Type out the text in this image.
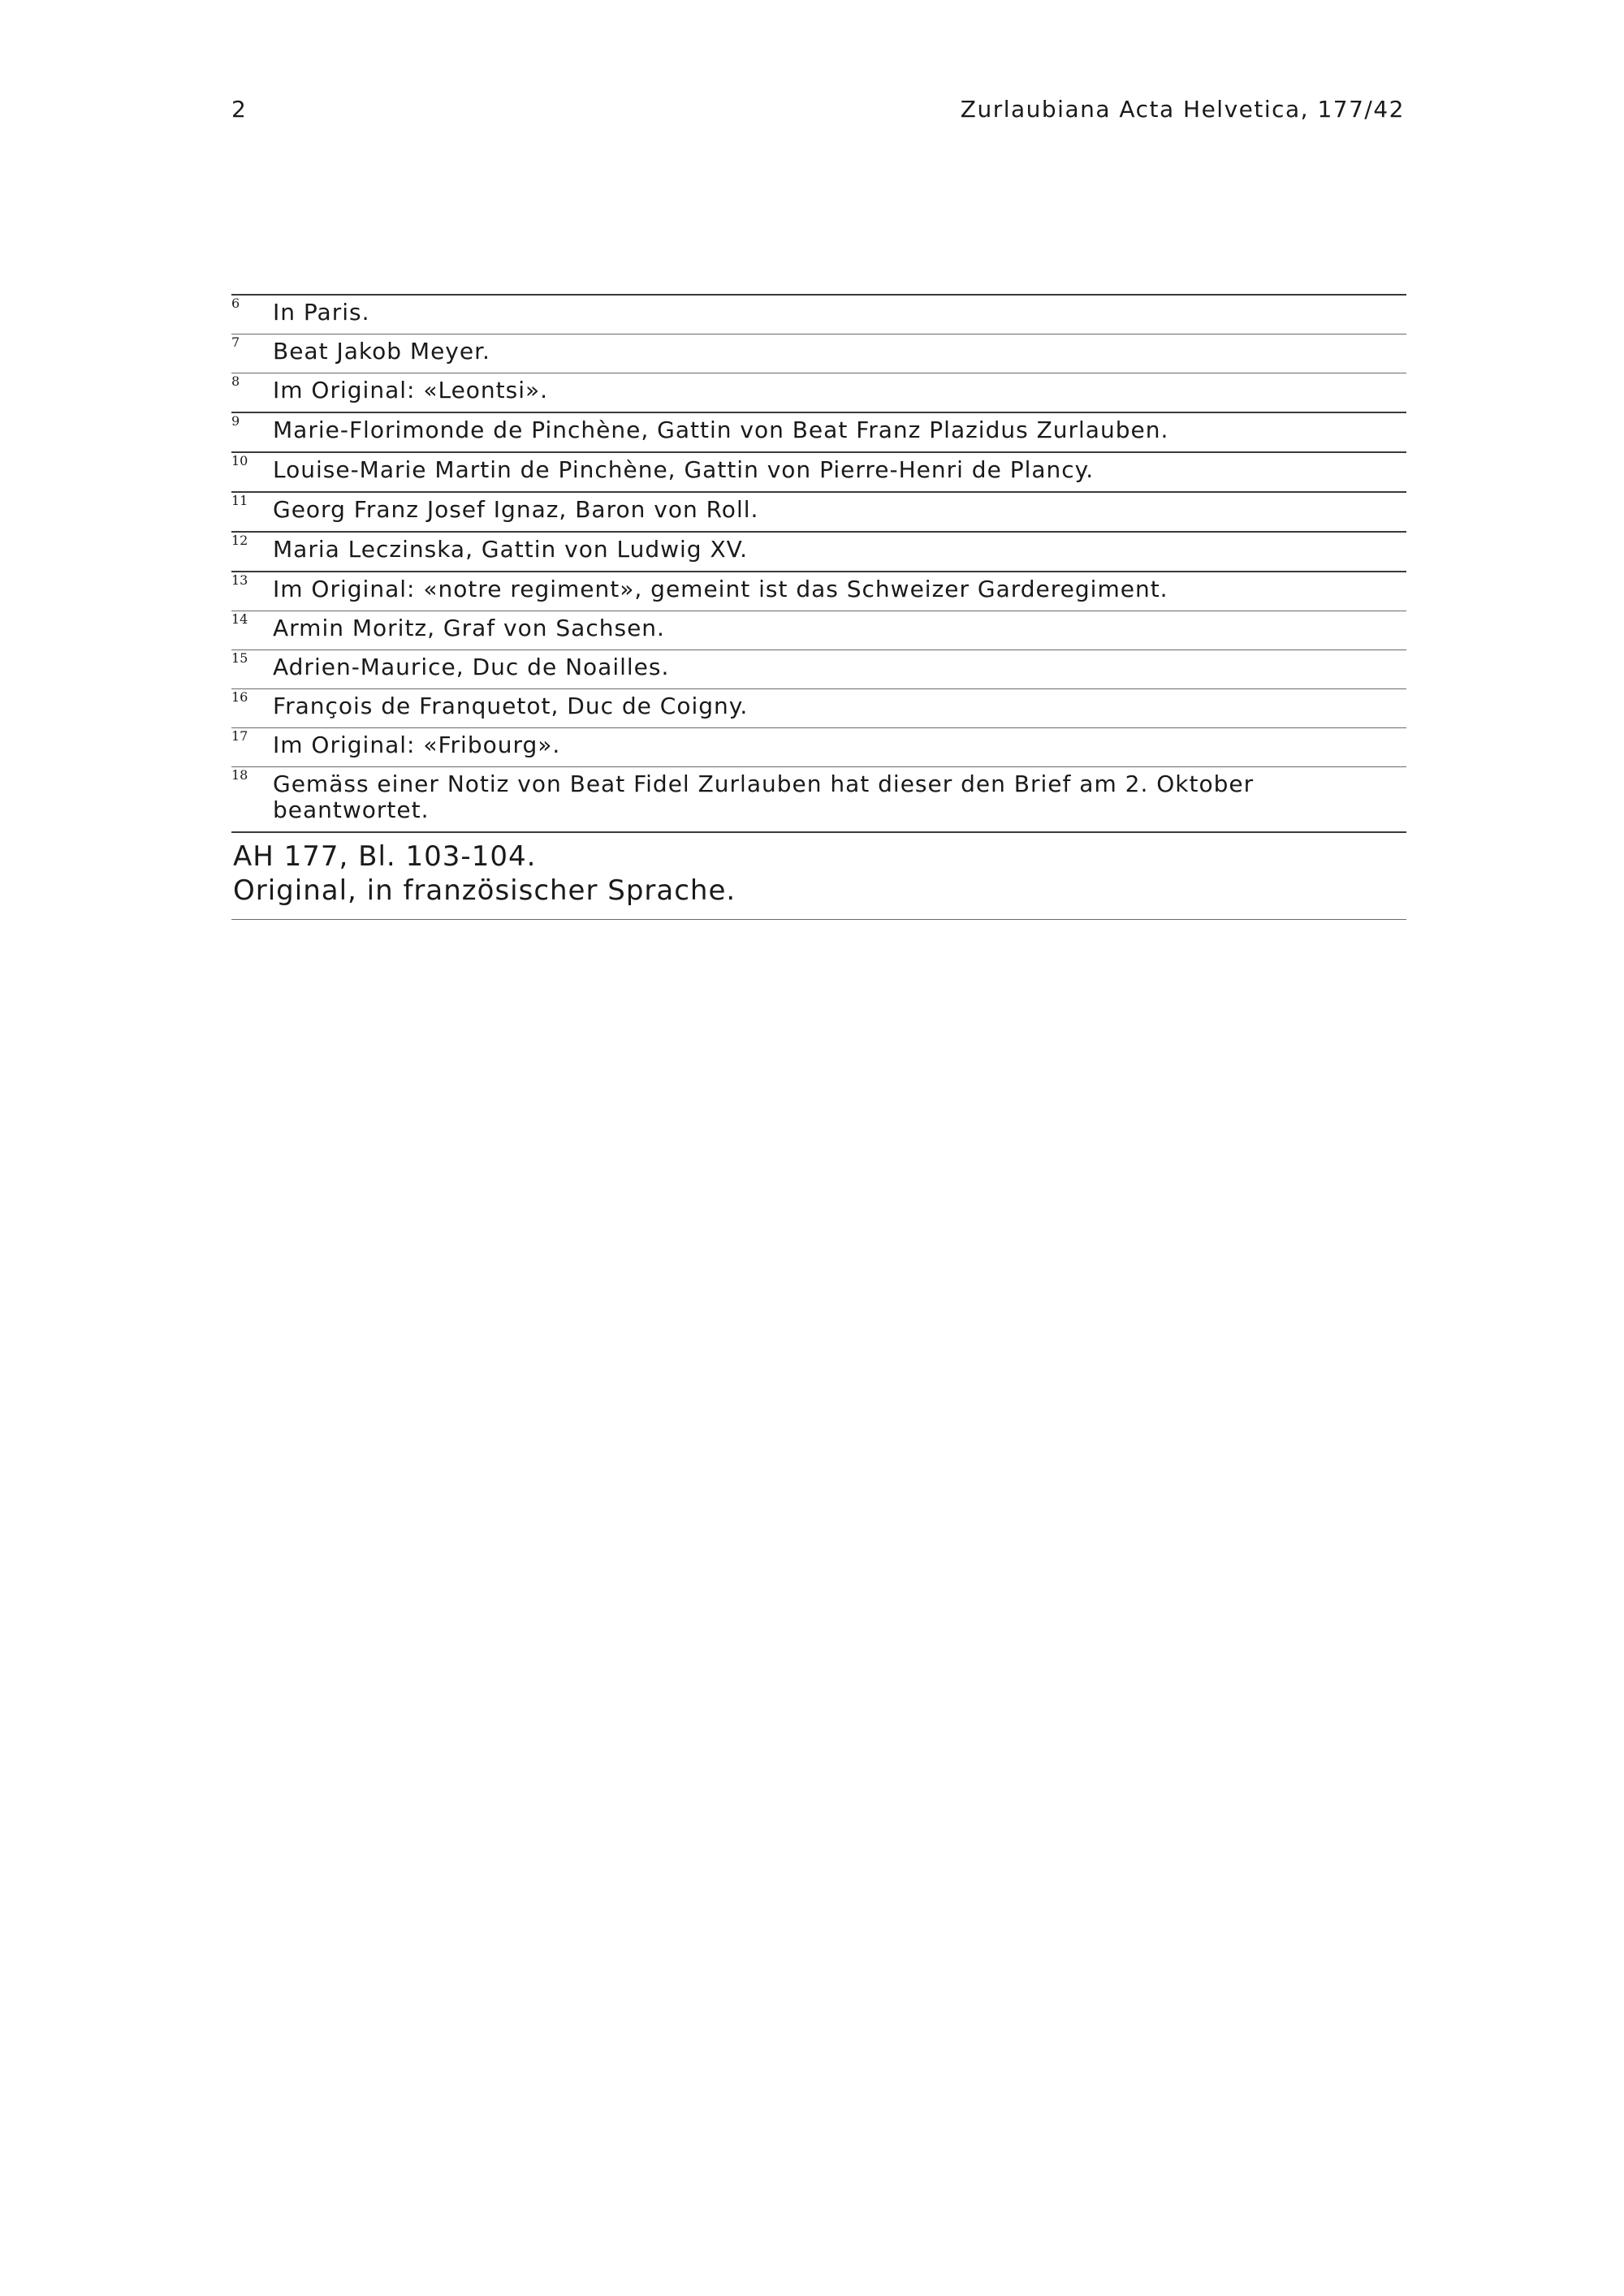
2	Zurlaubiana Acta Helvetica, 177/42
6 In Paris.
7 Beat Jakob Meyer.
8 Im Original: «Leontsi».
9 Marie-Florimonde de Pinchène, Gattin von Beat Franz Plazidus Zurlauben.
10 Louise-Marie Martin de Pinchène, Gattin von Pierre-Henri de Plancy.
11 Georg Franz Josef Ignaz, Baron von Roll.
12 Maria Leczinska, Gattin von Ludwig XV.
13 Im Original: «notre regiment», gemeint ist das Schweizer Garderegiment.
14 Armin Moritz, Graf von Sachsen.
15 Adrien-Maurice, Duc de Noailles.
16 François de Franquetot, Duc de Coigny.
17 Im Original: «Fribourg».
18 Gemäss einer Notiz von Beat Fidel Zurlauben hat dieser den Brief am 2. Oktober beantwortet.
AH 177, Bl. 103-104.
Original, in französischer Sprache.
